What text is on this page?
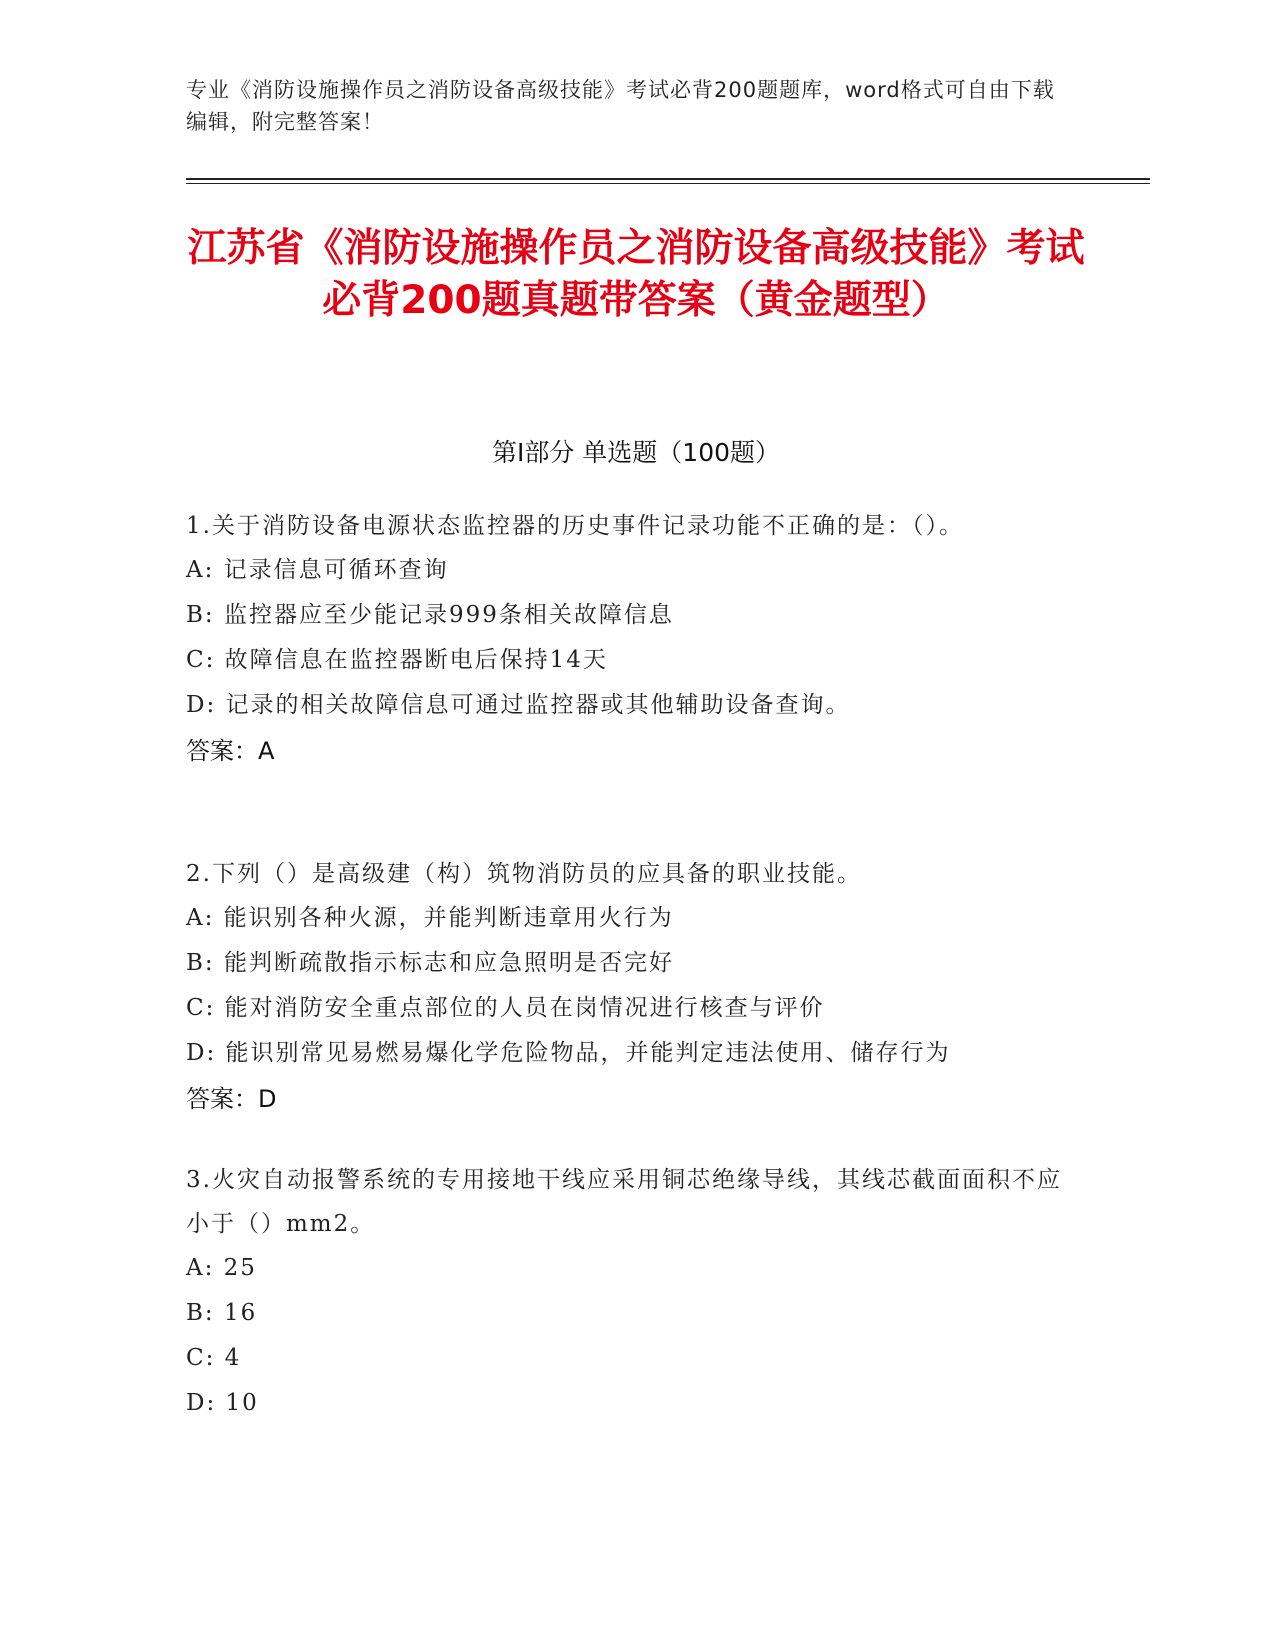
专业《消防设施操作员之消防设备高级技能》考试必背200题题库，word格式可自由下载编辑，附完整答案！
江苏省《消防设施操作员之消防设备高级技能》考试必背200题真题带答案（黄金题型）
第I部分 单选题（100题）
1.关于消防设备电源状态监控器的历史事件记录功能不正确的是：（）。
A: 记录信息可循环查询
B: 监控器应至少能记录999条相关故障信息
C: 故障信息在监控器断电后保持14天
D: 记录的相关故障信息可通过监控器或其他辅助设备查询。
答案：A
2.下列（）是高级建（构）筑物消防员的应具备的职业技能。
A: 能识别各种火源，并能判断违章用火行为
B: 能判断疏散指示标志和应急照明是否完好
C: 能对消防安全重点部位的人员在岗情况进行核查与评价
D: 能识别常见易燃易爆化学危险物品，并能判定违法使用、储存行为
答案：D
3.火灾自动报警系统的专用接地干线应采用铜芯绝缘导线，其线芯截面面积不应小于（）mm2。
A: 25
B: 16
C: 4
D: 10
